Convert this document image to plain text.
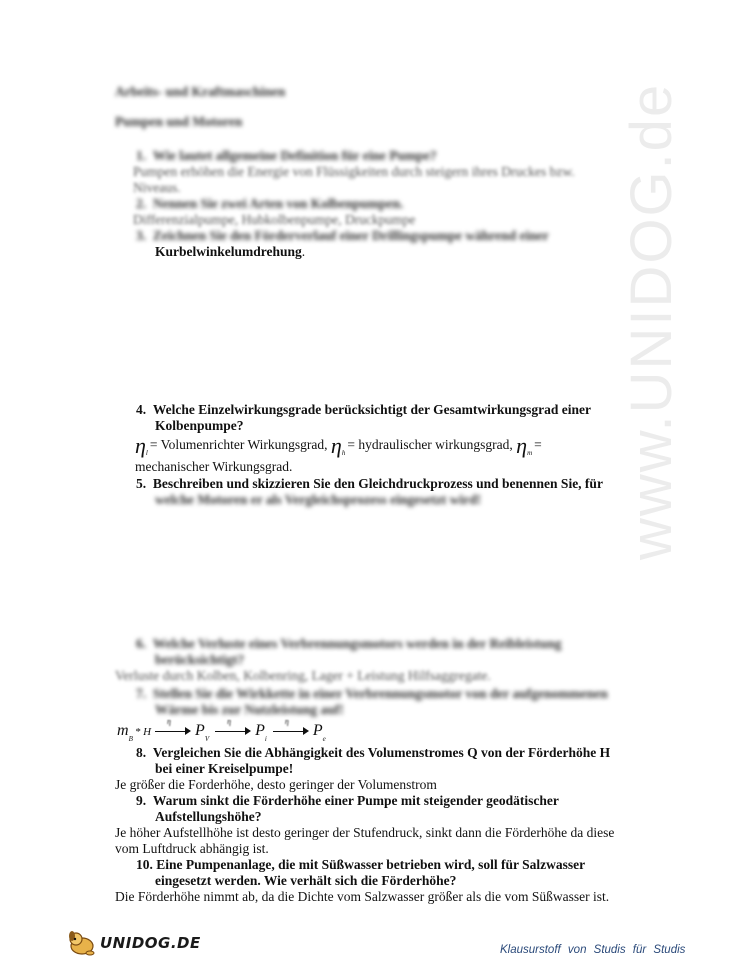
www.UNIDOG.de
Arbeits- und Kraftmaschinen
Pumpen und Motoren
1. Wie lautet allgemeine Definition für eine Pumpe?
Pumpen erhöhen die Energie von Flüssigkeiten durch steigern ihres Druckes bzw. Niveaus.
2. Nennen Sie zwei Arten von Kolbenpumpen.
Differenzialpumpe, Hubkolbenpumpe, Druckpumpe
3. Zeichnen Sie den Förderverlauf einer Drillingspumpe während einer
Kurbelwinkelumdrehung.
4. Welche Einzelwirkungsgrade berücksichtigt der Gesamtwirkungsgrad einer
Kolbenpumpe?
$\eta_l=$ Volumenrichter Wirkungsgrad, $\eta_h=$ hydraulischer wirkungsgrad, $\eta_m=$
mechanischer Wirkungsgrad.
5. Beschreiben und skizzieren Sie den Gleichdruckprozess und benennen Sie, für
welche Motoren er als Vergleichsprozess eingesetzt wird!
6. Welche Verluste eines Verbrennungsmotors werden in der Reibleistung
berücksichtigt?
Verluste durch Kolben, Kolbenring, Lager + Leistung Hilfsaggregate.
7. Stellen Sie die Wirkkette in einer Verbrennungsmotor von der aufgenommenen
Wärme bis zur Nutzleistung auf!
$m_B*$ H
η
$P_V$
η
$P_i$
η
$P_e$
8. Vergleichen Sie die Abhängigkeit des Volumenstromes Q von der Förderhöhe H
bei einer Kreiselpumpe!
Je größer die Forderhöhe, desto geringer der Volumenstrom
9. Warum sinkt die Förderhöhe einer Pumpe mit steigender geodätischer
Aufstellungshöhe?
Je höher Aufstellhöhe ist desto geringer der Stufendruck, sinkt dann die Förderhöhe da diese
vom Luftdruck abhängig ist.
10. Eine Pumpenanlage, die mit Süßwasser betrieben wird, soll für Salzwasser
eingesetzt werden. Wie verhält sich die Förderhöhe?
Die Förderhöhe nimmt ab, da die Dichte vom Salzwasser größer als die vom Süßwasser ist.
UNIDOG.DE	Klausurstoff von Studis für Studis
